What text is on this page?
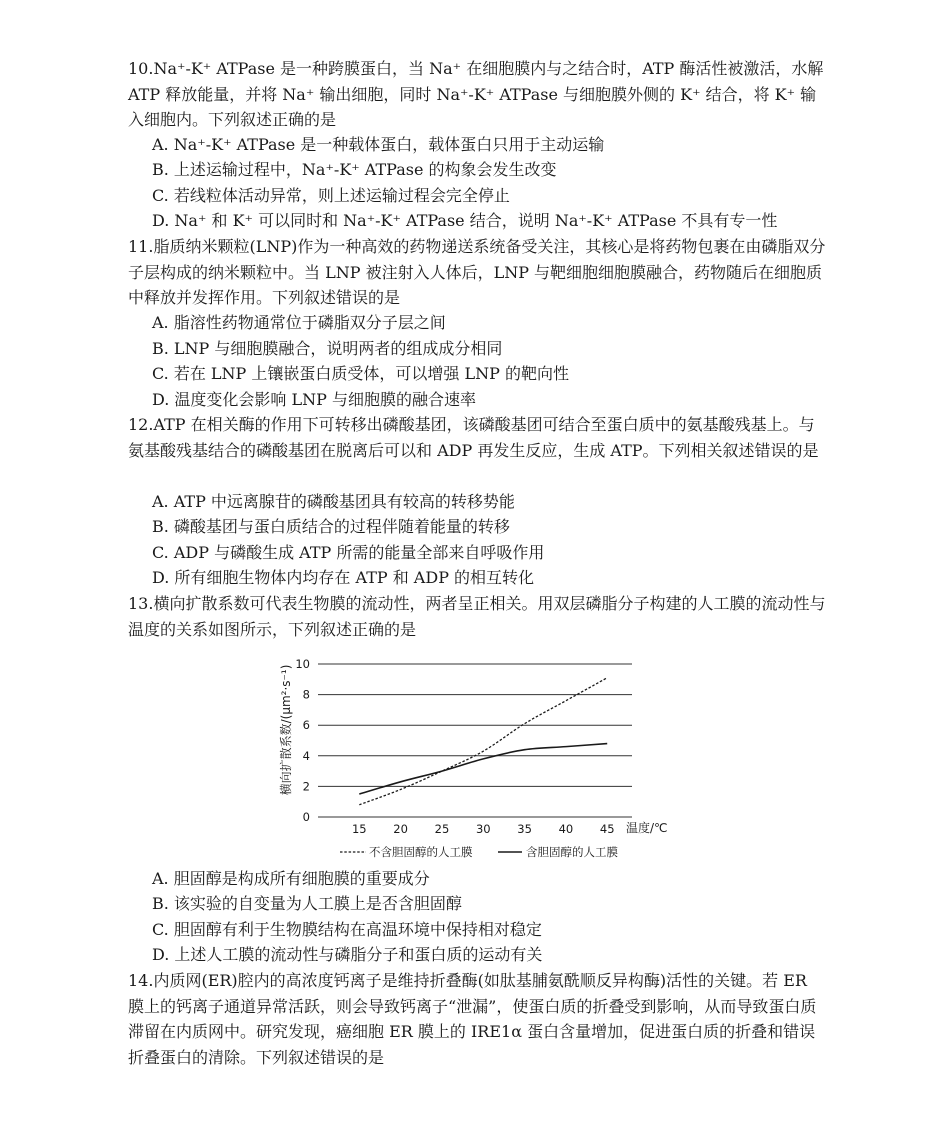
10.Na⁺-K⁺ ATPase 是一种跨膜蛋白，当 Na⁺ 在细胞膜内与之结合时，ATP 酶活性被激活，水解 ATP 释放能量，并将 Na⁺ 输出细胞，同时 Na⁺-K⁺ ATPase 与细胞膜外侧的 K⁺ 结合，将 K⁺ 输入细胞内。下列叙述正确的是
A. Na⁺-K⁺ ATPase 是一种载体蛋白，载体蛋白只用于主动运输
B. 上述运输过程中，Na⁺-K⁺ ATPase 的构象会发生改变
C. 若线粒体活动异常，则上述运输过程会完全停止
D. Na⁺ 和 K⁺ 可以同时和 Na⁺-K⁺ ATPase 结合，说明 Na⁺-K⁺ ATPase 不具有专一性
11.脂质纳米颗粒(LNP)作为一种高效的药物递送系统备受关注，其核心是将药物包裹在由磷脂双分子层构成的纳米颗粒中。当 LNP 被注射入人体后，LNP 与靶细胞细胞膜融合，药物随后在细胞质中释放并发挥作用。下列叙述错误的是
A. 脂溶性药物通常位于磷脂双分子层之间
B. LNP 与细胞膜融合，说明两者的组成成分相同
C. 若在 LNP 上镶嵌蛋白质受体，可以增强 LNP 的靶向性
D. 温度变化会影响 LNP 与细胞膜的融合速率
12.ATP 在相关酶的作用下可转移出磷酸基团，该磷酸基团可结合至蛋白质中的氨基酸残基上。与氨基酸残基结合的磷酸基团在脱离后可以和 ADP 再发生反应，生成 ATP。下列相关叙述错误的是
A. ATP 中远离腺苷的磷酸基团具有较高的转移势能
B. 磷酸基团与蛋白质结合的过程伴随着能量的转移
C. ADP 与磷酸生成 ATP 所需的能量全部来自呼吸作用
D. 所有细胞生物体内均存在 ATP 和 ADP 的相互转化
13.横向扩散系数可代表生物膜的流动性，两者呈正相关。用双层磷脂分子构建的人工膜的流动性与温度的关系如图所示，下列叙述正确的是
0
2
4
6
8
10
15 20 25 30 35 40 45
横向扩散系数/(μm²·s⁻¹)
温度/℃
不含胆固醇的人工膜	含胆固醇的人工膜
A. 胆固醇是构成所有细胞膜的重要成分
B. 该实验的自变量为人工膜上是否含胆固醇
C. 胆固醇有利于生物膜结构在高温环境中保持相对稳定
D. 上述人工膜的流动性与磷脂分子和蛋白质的运动有关
14.内质网(ER)腔内的高浓度钙离子是维持折叠酶(如肽基脯氨酰顺反异构酶)活性的关键。若 ER 膜上的钙离子通道异常活跃，则会导致钙离子“泄漏”，使蛋白质的折叠受到影响，从而导致蛋白质滞留在内质网中。研究发现，癌细胞 ER 膜上的 IRE1α 蛋白含量增加，促进蛋白质的折叠和错误折叠蛋白的清除。下列叙述错误的是
